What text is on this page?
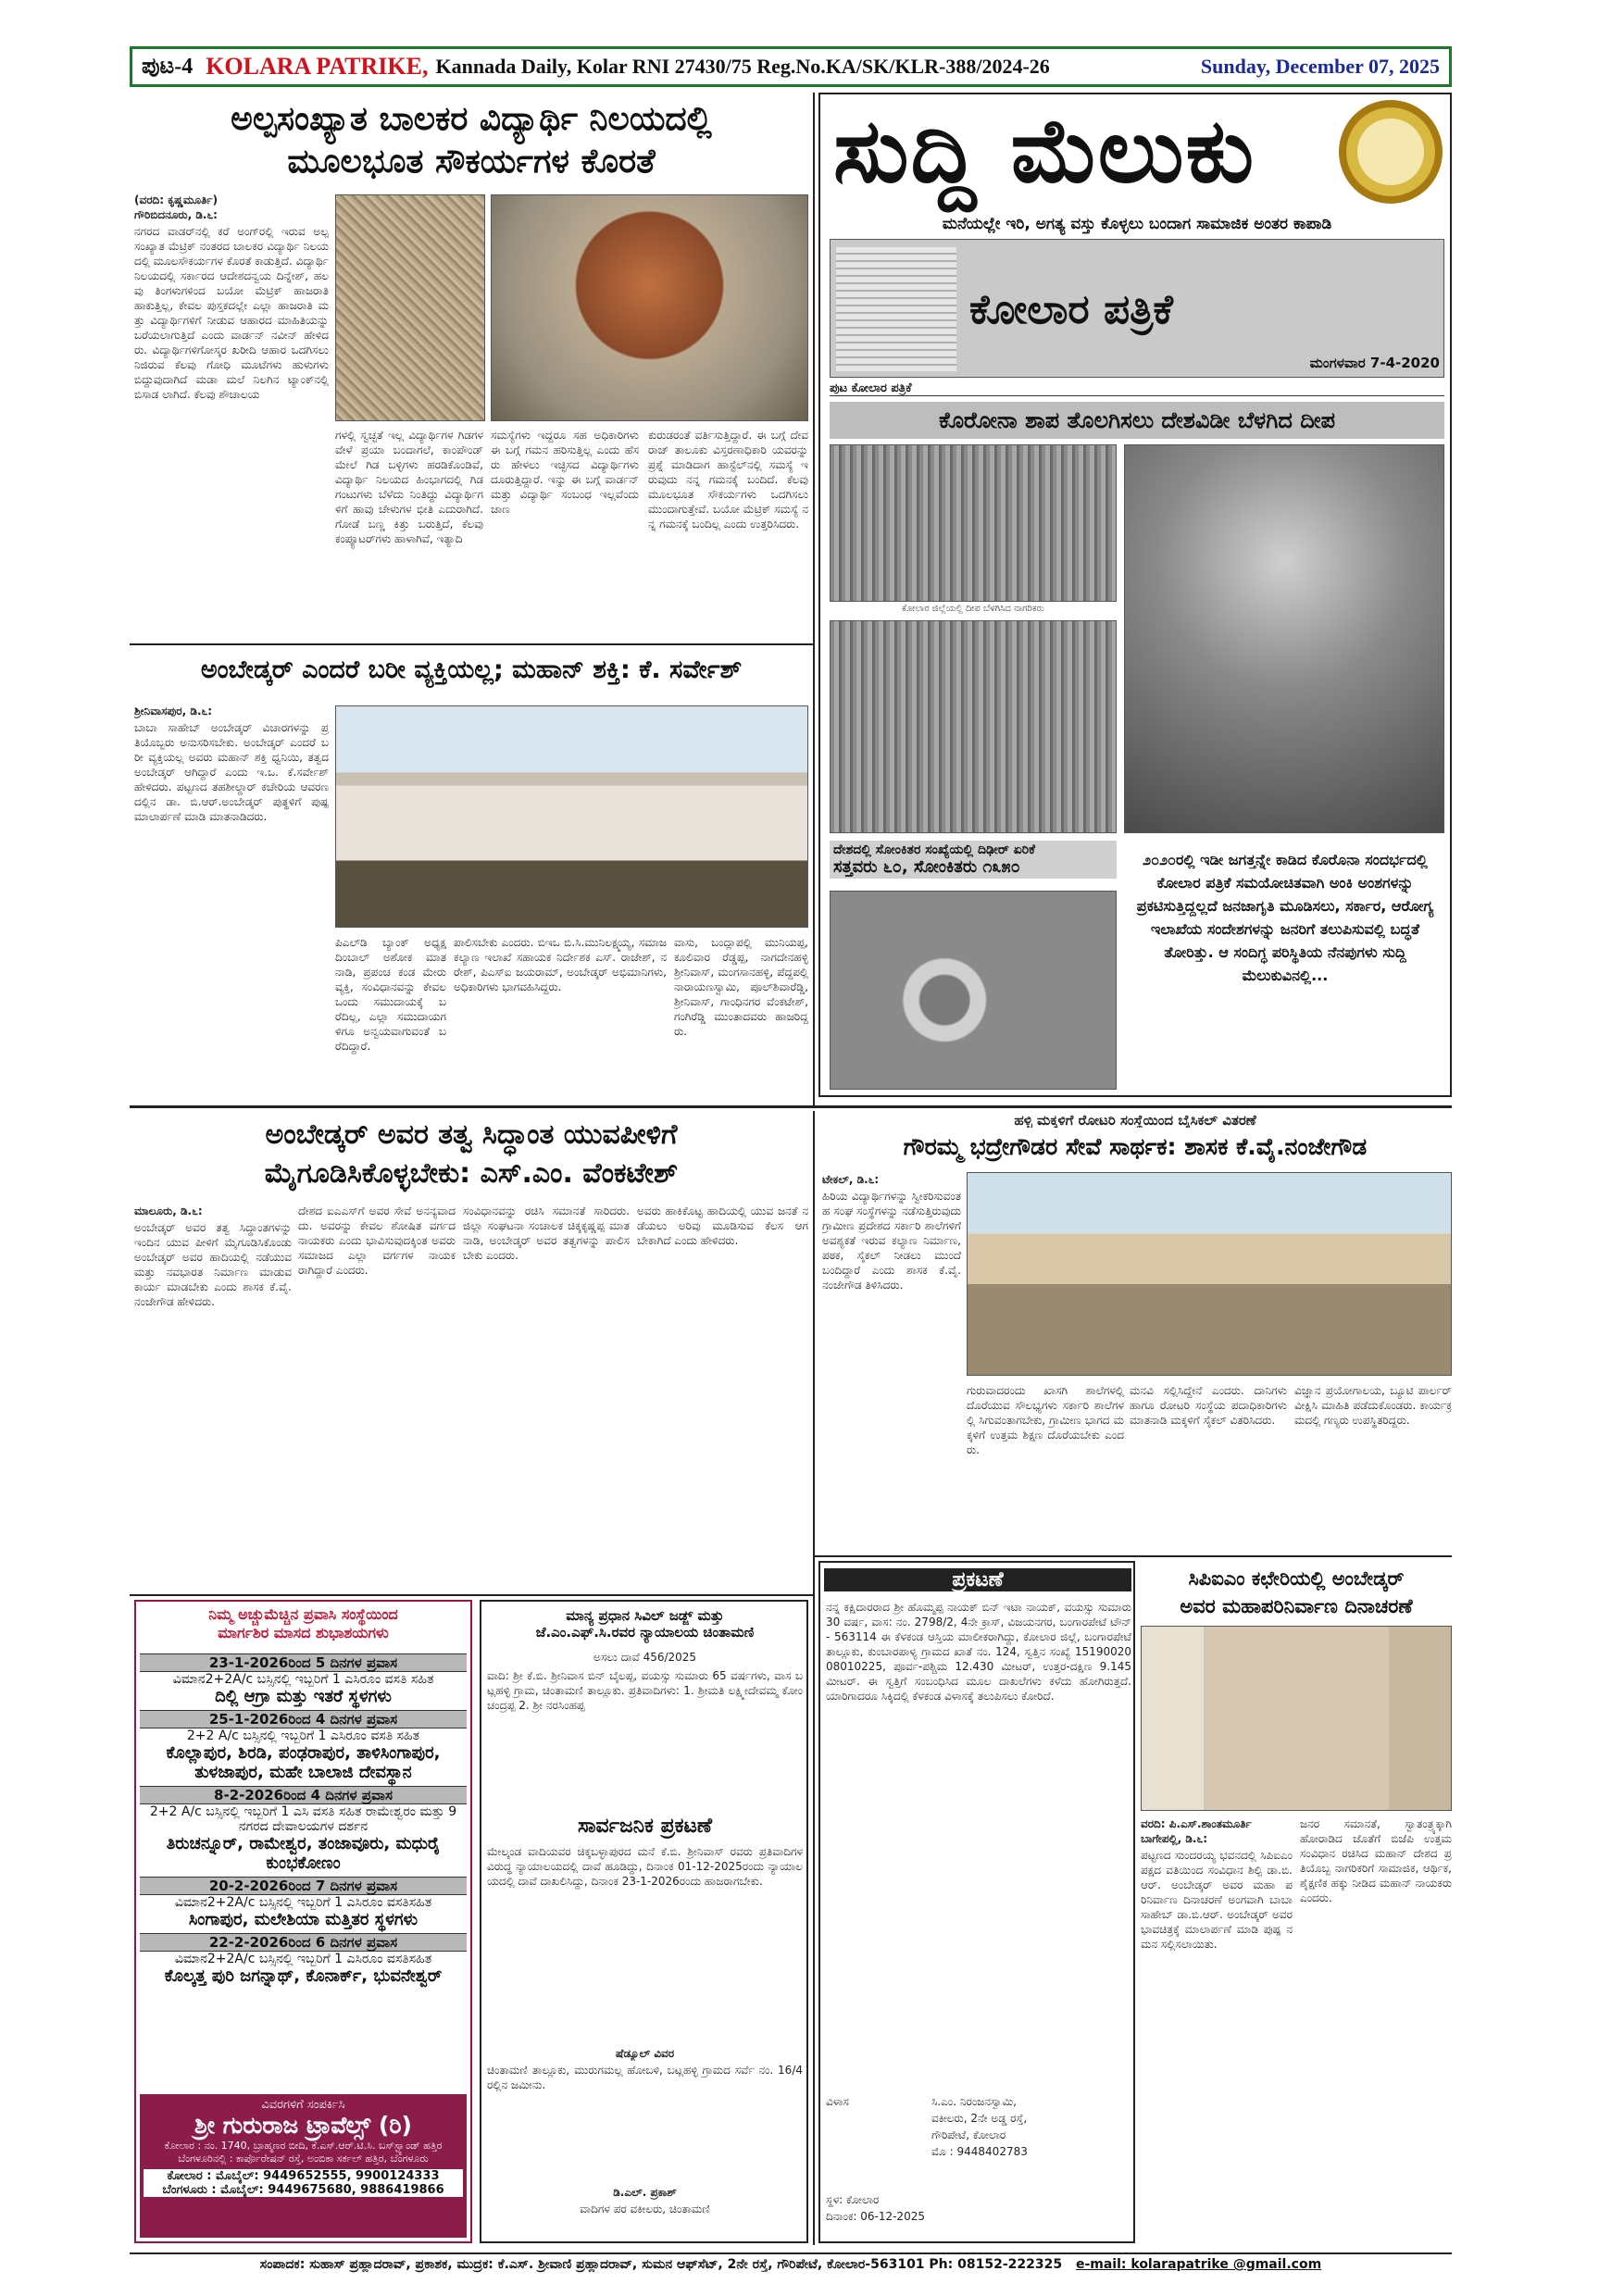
ಪುಟ-4 KOLARA PATRIKE, Kannada Daily, Kolar RNI 27430/75 Reg.No.KA/SK/KLR-388/2024-26	Sunday, December 07, 2025
ಅಲ್ಪಸಂಖ್ಯಾತ ಬಾಲಕರ ವಿದ್ಯಾರ್ಥಿ ನಿಲಯದಲ್ಲಿ
ಮೂಲಭೂತ ಸೌಕರ್ಯಗಳ ಕೊರತೆ
(ವರದಿ: ಕೃಷ್ಣಮೂರ್ತಿ)
ಗೌರಿಬಿದನೂರು, ಡಿ.೬:
ನಗರದ ವಾಡರ್‌ನಲ್ಲಿ ಕರೆ ಅಂಗ್‌ರಲ್ಲಿ ಇರುವ ಅಲ್ಪಸಂಖ್ಯಾತ ಮೆಟ್ರಿಕ್ ನಂತರದ ಬಾಲಕರ ವಿದ್ಯಾರ್ಥಿ ನಿಲಯದಲ್ಲಿ ಮೂಲಸೌಕರ್ಯಗಳ ಕೊರತೆ ಕಾಡುತ್ತಿದೆ. ವಿದ್ಯಾರ್ಥಿ ನಿಲಯದಲ್ಲಿ ಸರ್ಕಾರದ ಆದೇಶದನ್ವಯ ದಿನ್ನೇಶ್, ಹಲವು ತಿಂಗಳುಗಳಿಂದ ಬಯೋ ಮೆಟ್ರಿಕ್ ಹಾಜರಾತಿ ಹಾಕುತ್ತಿಲ್ಲ, ಕೇವಲ ಪುಸ್ತಕದಲ್ಲೇ ಎಲ್ಲಾ ಹಾಜರಾತಿ ಮತ್ತು ವಿದ್ಯಾರ್ಥಿಗಳಿಗೆ ನೀಡುವ ಆಹಾರದ ಮಾಹಿತಿಯನ್ನು ಬರೆಯಲಾಗುತ್ತಿದೆ ಎಂದು ವಾರ್ಡನ್ ನವೀನ್ ಹೇಳಿದರು. ವಿದ್ಯಾರ್ಥಿಗಳಿಗೋಸ್ಕರ ಖರೀದಿ ಆಹಾರ ಒದಗಿಸಲು ನಿಜಿರುವ ಕೆಲವು ಗೋಧಿ ಮೂಟೆಗಳು ಹುಳುಗಳು ಬಿದ್ದುವುದಾಗಿದೆ ಮಡಾ ಮಲೆ ನಿಲಗಿನ ಟ್ಯಾಂಕ್‌ನಲ್ಲಿ ಬಿಸಾಡ ಲಾಗಿದೆ. ಕೆಲವು ಶೌಚಾಲಯ
ಗಳಲ್ಲಿ ಸ್ವಚ್ಛತೆ ಇಲ್ಲ ವಿದ್ಯಾರ್ಥಿಗಳ ಗಿಡಗಳ ವೇಳೆ ಪ್ರಯಾ ಬಂದಾಗಲೆ, ಕಾಂಪೌಂಡ್ ಮೇಲೆ ಗಿಡ ಬಳ್ಳಿಗಳು ಹರಡಿಕೊಂಡಿವೆ, ವಿದ್ಯಾರ್ಥಿ ನಿಲಯದ ಹಿಂಭಾಗದಲ್ಲಿ ಗಿಡ ಗಂಟುಗಳು ಬೆಳೆದು ನಿಂತಿದ್ದು ವಿದ್ಯಾರ್ಥಿಗಳಿಗೆ ಹಾವು ಚೇಳುಗಳ ಭೀತಿ ಎದುರಾಗಿದೆ. ಗೋಡೆ ಬಣ್ಣ ಕಿತ್ತು ಬರುತ್ತಿದೆ, ಕೆಲವು ಕಂಪ್ಯೂಟರ್‌ಗಳು ಹಾಳಾಗಿವೆ, ಇತ್ಯಾದಿ
ಸಮಸ್ಯೆಗಳು ಇದ್ದರೂ ಸಹ ಅಧಿಕಾರಿಗಳು ಈ ಬಗ್ಗೆ ಗಮನ ಹರಿಸುತ್ತಿಲ್ಲ ಎಂದು ಹೆಸರು ಹೇಳಲು ಇಚ್ಛಿಸದ ವಿದ್ಯಾರ್ಥಿಗಳು ದೂರುತ್ತಿದ್ದಾರೆ. ಇನ್ನು ಈ ಬಗ್ಗೆ ವಾರ್ಡನ್ ಮತ್ತು ವಿದ್ಯಾರ್ಥಿ ಸಂಬಂಧ ಇಲ್ಲವೆಂದು ಜಾಣ
ಕುರುಡರಂತೆ ವರ್ತಿಸುತ್ತಿದ್ದಾರೆ. ಈ ಬಗ್ಗೆ ದೇವರಾಜ್ ತಾಲೂಕು ವಿಸ್ತರಣಾಧಿಕಾರಿ ಯವರನ್ನು ಪ್ರಶ್ನೆ ಮಾಡಿದಾಗ ಹಾಸ್ಟೆಲ್‌ನಲ್ಲಿ ಸಮಸ್ಯೆ ಇರುವುದು ನನ್ನ ಗಮನಕ್ಕೆ ಬಂದಿದೆ. ಕೆಲವು ಮೂಲಭೂತ ಸೌಕರ್ಯಗಳು ಒದಗಿಸಲು ಮುಂದಾಗುತ್ತೇವೆ. ಬಯೋ ಮೆಟ್ರಿಕ್ ಸಮಸ್ಯೆ ನನ್ನ ಗಮನಕ್ಕೆ ಬಂದಿಲ್ಲ ಎಂದು ಉತ್ತರಿಸಿದರು.
ಅಂಬೇಡ್ಕರ್ ಎಂದರೆ ಬರೀ ವ್ಯಕ್ತಿಯಲ್ಲ; ಮಹಾನ್ ಶಕ್ತಿ: ಕೆ. ಸರ್ವೇಶ್
ಶ್ರೀನಿವಾಸಪುರ, ಡಿ.೬:
ಬಾಬಾ ಸಾಹೇಬ್ ಅಂಬೇಡ್ಕರ್ ವಿಚಾರಗಳನ್ನು ಪ್ರತಿಯೊಬ್ಬರು ಅನುಸರಿಸಬೇಕು. ಅಂಬೇಡ್ಕರ್ ಎಂದರೆ ಬರೀ ವ್ಯಕ್ತಿಯಲ್ಲ ಅವರು ಮಹಾನ್ ಶಕ್ತಿ ಧ್ವನಿಯಿ, ತತ್ವದ ಅಂಬೇಡ್ಕರ್ ಆಗಿದ್ದಾರೆ ಎಂದು ಇ.ಒ. ಕೆ.ಸರ್ವೇಶ್ ಹೇಳಿದರು. ಪಟ್ಟಣದ ತಹಶೀಲ್ದಾರ್ ಕಚೇರಿಯ ಆವರಣದಲ್ಲಿನ ಡಾ. ಬಿ.ಆರ್.ಅಂಬೇಡ್ಕರ್ ಪುತ್ಥಳಿಗೆ ಪುಷ್ಪ ಮಾಲಾರ್ಪಣೆ ಮಾಡಿ ಮಾತನಾಡಿದರು.
ಪಿಎಲ್‌ಡಿ ಬ್ಯಾಂಕ್ ಅಧ್ಯಕ್ಷ ದಿಂಬಾಲ್ ಅಶೋಕ ಮಾತನಾಡಿ, ಪ್ರಪಂಚ ಕಂಡ ಮೇರು ವ್ಯಕ್ತಿ, ಸಂವಿಧಾನವನ್ನು ಕೇವಲ ಒಂದು ಸಮುದಾಯಕ್ಕೆ ಬರೆದಿಲ್ಲ, ಎಲ್ಲಾ ಸಮುದಾಯಗಳಿಗೂ ಅನ್ವಯವಾಗುವಂತೆ ಬರೆದಿದ್ದಾರೆ.
ಪಾಲಿಸಬೇಕು ಎಂದರು. ಬಿಇಒ ಬಿ.ಸಿ.ಮುನಿಲಕ್ಷ್ಮಯ್ಯ, ಸಮಾಜ ಕಲ್ಯಾಣ ಇಲಾಖೆ ಸಹಾಯಕ ನಿರ್ದೇಶಕ ಎಸ್. ರಾಜೇಶ್, ನರೇಶ್, ಪಿಎಸ್‌ಐ ಜಯರಾಮ್, ಅಂಬೇಡ್ಕರ್ ಅಭಿಮಾನಿಗಳು, ಅಧಿಕಾರಿಗಳು ಭಾಗವಹಿಸಿದ್ದರು.
ವಾಸು, ಬಂದ್ಲಾಪಲ್ಲಿ ಮುನಿಯಪ್ಪ, ಕೂಲಿವಾರ ರೆಡ್ಡಪ್ಪ, ನಾಗದೇನಹಳ್ಳಿ ಶ್ರೀನಿವಾಸ್, ಮಂಗಸಾನಹಳ್ಳಿ, ಪೆದ್ದಪಲ್ಲಿ ನಾರಾಯಣಸ್ವಾಮಿ, ಪೂಲ್‌ಶಿವಾರೆಡ್ಡಿ, ಶ್ರೀನಿವಾಸ್, ಗಾಂಧಿನಗರ ವೆಂಕಟೇಶ್, ಗಂಗಿರೆಡ್ಡಿ ಮುಂತಾದವರು ಹಾಜರಿದ್ದರು.
ಸುದ್ದಿ ಮೆಲುಕು
ಮನೆಯಲ್ಲೇ ಇರಿ, ಅಗತ್ಯ ವಸ್ತು ಕೊಳ್ಳಲು ಬಂದಾಗ ಸಾಮಾಜಿಕ ಅಂತರ ಕಾಪಾಡಿ
ಕೋಲಾರ ಪತ್ರಿಕೆ
ಮಂಗಳವಾರ 7-4-2020
ಪುಟ ಕೋಲಾರ ಪತ್ರಿಕೆ
ಕೊರೋನಾ ಶಾಪ ತೊಲಗಿಸಲು ದೇಶವಿಡೀ ಬೆಳಗಿದ ದೀಪ
ಕೋಲಾರ ಜಿಲ್ಲೆಯಲ್ಲಿ ದೀಪ ಬೆಳಗಿಸಿದ ನಾಗರಿಕರು
ದೇಶದಲ್ಲಿ ಸೋಂಕಿತರ ಸಂಖ್ಯೆಯಲ್ಲಿ ದಿಢೀರ್ ಏರಿಕೆ
ಸತ್ತವರು ೬೦, ಸೋಂಕಿತರು ೧೩೫೦	೨೦೨೦ರಲ್ಲಿ ಇಡೀ ಜಗತ್ತನ್ನೇ ಕಾಡಿದ ಕೊರೊನಾ ಸಂದರ್ಭದಲ್ಲಿ ಕೋಲಾರ ಪತ್ರಿಕೆ ಸಮಯೋಚಿತವಾಗಿ ಅಂಕಿ ಅಂಶಗಳನ್ನು ಪ್ರಕಟಿಸುತ್ತಿದ್ದಲ್ಲದೆ ಜನಜಾಗೃತಿ ಮೂಡಿಸಲು, ಸರ್ಕಾರ, ಆರೋಗ್ಯ ಇಲಾಖೆಯ ಸಂದೇಶಗಳನ್ನು ಜನರಿಗೆ ತಲುಪಿಸುವಲ್ಲಿ ಬದ್ಧತೆ ತೋರಿತ್ತು. ಆ ಸಂದಿಗ್ಧ ಪರಿಸ್ಥಿತಿಯ ನೆನಪುಗಳು ಸುದ್ದಿ ಮೆಲುಕುವಿನಲ್ಲಿ...
ಅಂಬೇಡ್ಕರ್ ಅವರ ತತ್ವ ಸಿದ್ಧಾಂತ ಯುವಪೀಳಿಗೆ
ಮೈಗೂಡಿಸಿಕೊಳ್ಳಬೇಕು: ಎಸ್.ಎಂ. ವೆಂಕಟೇಶ್
ಮಾಲೂರು, ಡಿ.೬:
ಅಂಬೇಡ್ಕರ್ ಅವರ ತತ್ವ ಸಿದ್ಧಾಂತಗಳನ್ನು ಇಂದಿನ ಯುವ ಪೀಳಿಗೆ ಮೈಗೂಡಿಸಿಕೊಂಡು ಅಂಬೇಡ್ಕರ್ ಅವರ ಹಾದಿಯಲ್ಲಿ ನಡೆಯುವ ಮತ್ತು ನವಭಾರತ ನಿರ್ಮಾಣ ಮಾಡುವ ಕಾರ್ಯ ಮಾಡಬೇಕು ಎಂದು ಶಾಸಕ ಕೆ.ವೈ.ನಂಜೇಗೌಡ ಹೇಳಿದರು.
ದೇಶದ ಐಎಎಸ್‌ಗೆ ಅವರ ಸೇವೆ ಅನನ್ಯವಾದದು. ಅವರನ್ನು ಕೇವಲ ಶೋಷಿತ ವರ್ಗದ ನಾಯಕರು ಎಂದು ಭಾವಿಸುವುದಕ್ಕಿಂತ ಅವರು ಸಮಾಜದ ಎಲ್ಲಾ ವರ್ಗಗಳ ನಾಯಕರಾಗಿದ್ದಾರೆ ಎಂದರು.
ಸಂವಿಧಾನವನ್ನು ರಚಿಸಿ ಸಮಾನತೆ ಸಾರಿದರು. ಜಿಲ್ಲಾ ಸಂಘಟನಾ ಸಂಚಾಲಕ ಚಿಕ್ಕಕೃಷ್ಣಪ್ಪ ಮಾತನಾಡಿ, ಅಂಬೇಡ್ಕರ್ ಅವರ ತತ್ವಗಳನ್ನು ಪಾಲಿಸಬೇಕು ಎಂದರು.
ಅವರು ಹಾಕಿಕೊಟ್ಟ ಹಾದಿಯಲ್ಲಿ ಯುವ ಜನತೆ ನಡೆಯಲು ಅರಿವು ಮೂಡಿಸುವ ಕೆಲಸ ಆಗಬೇಕಾಗಿದೆ ಎಂದು ಹೇಳಿದರು.
ನಿಮ್ಮ ಅಚ್ಚುಮೆಚ್ಚಿನ ಪ್ರವಾಸಿ ಸಂಸ್ಥೆಯಿಂದ
ಮಾರ್ಗಶಿರ ಮಾಸದ ಶುಭಾಶಯಗಳು
23-1-2026ರಿಂದ 5 ದಿನಗಳ ಪ್ರವಾಸ
ವಿಮಾನ2+2A/c ಬಸ್ಸಿನಲ್ಲಿ ಇಬ್ಬರಿಗೆ 1 ಎಸಿರೂಂ ವಸತಿ ಸಹಿತ
ದಿಲ್ಲಿ ಆಗ್ರಾ ಮತ್ತು ಇತರೆ ಸ್ಥಳಗಳು
25-1-2026ರಿಂದ 4 ದಿನಗಳ ಪ್ರವಾಸ
2+2 A/c ಬಸ್ಸಿನಲ್ಲಿ ಇಬ್ಬರಿಗೆ 1 ಎಸಿರೂಂ ವಸತಿ ಸಹಿತ
ಕೊಲ್ಲಾಪುರ, ಶಿರಡಿ, ಪಂಢರಾಪುರ, ತಾಳಿಸಿಂಗಾಪುರ, ತುಳಜಾಪುರ, ಮಹೇ ಬಾಲಾಜಿ ದೇವಸ್ಥಾನ
8-2-2026ರಿಂದ 4 ದಿನಗಳ ಪ್ರವಾಸ
2+2 A/c ಬಸ್ಸಿನಲ್ಲಿ ಇಬ್ಬರಿಗೆ 1 ಎಸಿ ವಸತಿ ಸಹಿತ ರಾಮೇಶ್ವರಂ ಮತ್ತು 9 ನಗರದ ದೇವಾಲಯಗಳ ದರ್ಶನ
ತಿರುಚನ್ನೂರ್, ರಾಮೇಶ್ವರ, ತಂಜಾವೂರು, ಮಧುರೈ ಕುಂಭಕೋಣಂ
20-2-2026ರಿಂದ 7 ದಿನಗಳ ಪ್ರವಾಸ
ವಿಮಾನ2+2A/c ಬಸ್ಸಿನಲ್ಲಿ ಇಬ್ಬರಿಗೆ 1 ಎಸಿರೂಂ ವಸತಿಸಹಿತ
ಸಿಂಗಾಪುರ, ಮಲೇಶಿಯಾ ಮತ್ತಿತರ ಸ್ಥಳಗಳು
22-2-2026ರಿಂದ 6 ದಿನಗಳ ಪ್ರವಾಸ
ವಿಮಾನ2+2A/c ಬಸ್ಸಿನಲ್ಲಿ ಇಬ್ಬರಿಗೆ 1 ಎಸಿರೂಂ ವಸತಿಸಹಿತ
ಕೊಲ್ಕತ್ತ ಪುರಿ ಜಗನ್ನಾಥ್, ಕೊನಾರ್ಕ್, ಭುವನೇಶ್ವರ್
ವಿವರಗಳಿಗೆ ಸಂಪರ್ಕಿಸಿ
ಶ್ರೀ ಗುರುರಾಜ ಟ್ರಾವೆಲ್ಸ್ (ರಿ)
ಕೋಲಾರ : ನಂ. 1740, ಬ್ರಾಹ್ಮಣರ ಬೀದಿ, ಕೆ.ಎಸ್.ಆರ್.ಟಿ.ಸಿ. ಬಸ್‌ಸ್ಟ್ಯಾಂಡ್ ಹತ್ತಿರ
ಬೆಂಗಳೂರಿನಲ್ಲಿ : ಕಾರ್ಪೊರೇಷನ್ ರಸ್ತೆ, ಅಂಬಿಕಾ ಸರ್ಕಲ್ ಹತ್ತಿರ, ಬೆಂಗಳೂರು
ಕೋಲಾರ : ಮೊಬೈಲ್: 9449652555, 9900124333
ಬೆಂಗಳೂರು : ಮೊಬೈಲ್: 9449675680, 9886419866
ಮಾನ್ಯ ಪ್ರಧಾನ ಸಿವಿಲ್ ಜಡ್ಜ್ ಮತ್ತು
ಜೆ.ಎಂ.ಎಫ್.ಸಿ.ರವರ ನ್ಯಾಯಾಲಯ ಚಿಂತಾಮಣಿ
ಅಸಲು ದಾವೆ 456/2025
ವಾದಿ: ಶ್ರೀ ಕೆ.ಬಿ. ಶ್ರೀನಿವಾಸ ಬಿನ್ ಬೈಲಪ್ಪ, ವಯಸ್ಸು ಸುಮಾರು 65 ವರ್ಷಗಳು, ವಾಸ ಬಟ್ಲಹಳ್ಳಿ ಗ್ರಾಮ, ಚಿಂತಾಮಣಿ ತಾಲ್ಲೂಕು. ಪ್ರತಿವಾದಿಗಳು: 1. ಶ್ರೀಮತಿ ಲಕ್ಷ್ಮೀದೇವಮ್ಮ ಕೋಂ ಚಂದ್ರಪ್ಪ 2. ಶ್ರೀ ನರಸಿಂಹಪ್ಪ
ಸಾರ್ವಜನಿಕ ಪ್ರಕಟಣೆ
ಮೇಲ್ಕಂಡ ವಾದಿಯವರ ಚಿಕ್ಕಬಳ್ಳಾಪುರದ ಮನೆ ಕೆ.ಬಿ. ಶ್ರೀನಿವಾಸ್ ರವರು ಪ್ರತಿವಾದಿಗಳ ವಿರುದ್ಧ ನ್ಯಾಯಾಲಯದಲ್ಲಿ ದಾವೆ ಹೂಡಿದ್ದು, ದಿನಾಂಕ 01-12-2025ರಂದು ನ್ಯಾಯಾಲಯದಲ್ಲಿ ದಾವೆ ದಾಖಲಿಸಿದ್ದು, ದಿನಾಂಕ 23-1-2026ರಂದು ಹಾಜರಾಗಬೇಕು.
ಷೆಡ್ಯೂಲ್ ವಿವರ
ಚಿಂತಾಮಣಿ ತಾಲ್ಲೂಕು, ಮುರುಗಮಲ್ಲ ಹೋಬಳಿ, ಬಟ್ಲಹಳ್ಳಿ ಗ್ರಾಮದ ಸರ್ವೆ ನಂ. 16/4 ರಲ್ಲಿನ ಜಮೀನು.
ಡಿ.ಎಲ್. ಪ್ರಕಾಶ್
ವಾದಿಗಳ ಪರ ವಕೀಲರು, ಚಿಂತಾಮಣಿ
ಹಳ್ಳಿ ಮಕ್ಕಳಿಗೆ ರೋಟರಿ ಸಂಸ್ಥೆಯಿಂದ ಬೈಸಿಕಲ್ ವಿತರಣೆ
ಗೌರಮ್ಮ ಭದ್ರೇಗೌಡರ ಸೇವೆ ಸಾರ್ಥಕ: ಶಾಸಕ ಕೆ.ವೈ.ನಂಜೇಗೌಡ
ಟೇಕಲ್, ಡಿ.೬:
ಹಿರಿಯ ವಿದ್ಯಾರ್ಥಿಗಳನ್ನು ಸ್ವೀಕರಿಸುವಂತಹ ಸಂಘ ಸಂಸ್ಥೆಗಳನ್ನು ನಡೆಸುತ್ತಿರುವುದು ಗ್ರಾಮೀಣ ಪ್ರದೇಶದ ಸರ್ಕಾರಿ ಶಾಲೆಗಳಿಗೆ ಅವಶ್ಯಕತೆ ಇರುವ ಕಲ್ಯಾಣ ನಿರ್ಮಾಣ, ಪಠಕ, ಸೈಕಲ್ ನೀಡಲು ಮುಂದೆ ಬಂದಿದ್ದಾರೆ ಎಂದು ಶಾಸಕ ಕೆ.ವೈ.ನಂಜೇಗೌಡ ತಿಳಿಸಿದರು.
ಗುರುವಾದರಂದು ಖಾಸಗಿ ಶಾಲೆಗಳಲ್ಲಿ ದೊರೆಯುವ ಸೌಲಭ್ಯಗಳು ಸರ್ಕಾರಿ ಶಾಲೆಗಳಲ್ಲಿ ಸಿಗುವಂತಾಗಬೇಕು, ಗ್ರಾಮೀಣ ಭಾಗದ ಮಕ್ಕಳಿಗೆ ಉತ್ತಮ ಶಿಕ್ಷಣ ದೊರೆಯಬೇಕು ಎಂದರು.
ಮನವಿ ಸಲ್ಲಿಸಿದ್ದೇನೆ ಎಂದರು. ದಾನಿಗಳು ಹಾಗೂ ರೋಟರಿ ಸಂಸ್ಥೆಯ ಪದಾಧಿಕಾರಿಗಳು ಮಾತನಾಡಿ ಮಕ್ಕಳಿಗೆ ಸೈಕಲ್ ವಿತರಿಸಿದರು.
ವಿಜ್ಞಾನ ಪ್ರಯೋಗಾಲಯ, ಬ್ಯೂಟಿ ಪಾರ್ಲರ್ ವೀಕ್ಷಿಸಿ ಮಾಹಿತಿ ಪಡೆದುಕೊಂಡರು. ಕಾರ್ಯಕ್ರಮದಲ್ಲಿ ಗಣ್ಯರು ಉಪಸ್ಥಿತರಿದ್ದರು.
ಪ್ರಕಟಣೆ
ನನ್ನ ಕಕ್ಷಿದಾರರಾದ ಶ್ರೀ ಹೊಮ್ಮಪ್ಪ ನಾಯಕ್ ಬಿನ್ ಇಟಾ ನಾಯಕ್, ವಯಸ್ಸು ಸುಮಾರು 30 ವರ್ಷ, ವಾಸ: ನಂ. 2798/2, 4ನೇ ಕ್ರಾಸ್, ವಿಜಯನಗರ, ಬಂಗಾರಪೇಟೆ ಟೌನ್ - 563114 ಈ ಕೆಳಕಂಡ ಆಸ್ತಿಯ ಮಾಲೀಕರಾಗಿದ್ದು, ಕೋಲಾರ ಜಿಲ್ಲೆ, ಬಂಗಾರಪೇಟೆ ತಾಲ್ಲೂಕು, ಕುಂಬಾರಪಾಳ್ಯ ಗ್ರಾಮದ ಖಾತೆ ನಂ. 124, ಸ್ವತ್ತಿನ ಸಂಖ್ಯೆ 1519002008010225, ಪೂರ್ವ-ಪಶ್ಚಿಮ 12.430 ಮೀಟರ್, ಉತ್ತರ-ದಕ್ಷಿಣ 9.145 ಮೀಟರ್. ಈ ಸ್ವತ್ತಿಗೆ ಸಂಬಂಧಿಸಿದ ಮೂಲ ದಾಖಲೆಗಳು ಕಳೆದು ಹೋಗಿರುತ್ತದೆ. ಯಾರಿಗಾದರೂ ಸಿಕ್ಕಿದಲ್ಲಿ ಕೆಳಕಂಡ ವಿಳಾಸಕ್ಕೆ ತಲುಪಿಸಲು ಕೋರಿದೆ.
ವಿಳಾಸ	ಸಿ.ಎಂ. ನಿರಂಜನಸ್ವಾಮಿ,
ವಕೀಲರು, 2ನೇ ಅಡ್ಡ ರಸ್ತೆ,
ಗೌರಿಪೇಟೆ, ಕೋಲಾರ
ಮೊ : 9448402783
ಸ್ಥಳ: ಕೋಲಾರ
ದಿನಾಂಕ: 06-12-2025
ಸಿಪಿಐಎಂ ಕಛೇರಿಯಲ್ಲಿ ಅಂಬೇಡ್ಕರ್
ಅವರ ಮಹಾಪರಿನಿರ್ವಾಣ ದಿನಾಚರಣೆ
ವರದಿ: ಪಿ.ಎಸ್.ಶಾಂತಮೂರ್ತಿ
ಬಾಗೇಪಲ್ಲಿ, ಡಿ.೬:
ಪಟ್ಟಣದ ಸುಂದರಯ್ಯ ಭವನದಲ್ಲಿ ಸಿಪಿಐಎಂ ಪಕ್ಷದ ವತಿಯಿಂದ ಸಂವಿಧಾನ ಶಿಲ್ಪಿ ಡಾ.ಬಿ.ಆರ್. ಅಂಬೇಡ್ಕರ್ ಅವರ ಮಹಾ ಪರಿನಿರ್ವಾಣ ದಿನಾಚರಣೆ ಅಂಗವಾಗಿ ಬಾಬಾ ಸಾಹೇಬ್ ಡಾ.ಬಿ.ಆರ್. ಅಂಬೇಡ್ಕರ್ ಅವರ ಭಾವಚಿತ್ರಕ್ಕೆ ಮಾಲಾರ್ಪಣೆ ಮಾಡಿ ಪುಷ್ಪ ನಮನ ಸಲ್ಲಿಸಲಾಯಿತು.
ಜನರ ಸಮಾನತೆ, ಸ್ವಾತಂತ್ರ್ಯಕ್ಕಾಗಿ ಹೋರಾಡಿದ ಜೊತೆಗೆ ಬಿಜೆಪಿ ಉತ್ತಮ ಸಂವಿಧಾನ ರಚಿಸಿದ ಮಹಾನ್ ದೇಶದ ಪ್ರತಿಯೊಬ್ಬ ನಾಗರಿಕರಿಗೆ ಸಾಮಾಜಿಕ, ಆರ್ಥಿಕ, ಶೈಕ್ಷಣಿಕ ಹಕ್ಕು ನೀಡಿದ ಮಹಾನ್ ನಾಯಕರು ಎಂದರು.
ಸಂಪಾದಕ: ಸುಹಾಸ್ ಪ್ರಹ್ಲಾದರಾವ್, ಪ್ರಕಾಶಕ, ಮುದ್ರಕ: ಕೆ.ಎಸ್. ಶ್ರೀವಾಣಿ ಪ್ರಹ್ಲಾದರಾವ್, ಸುಮನ ಆಫ್‌ಸೆಟ್, 2ನೇ ರಸ್ತೆ, ಗೌರಿಪೇಟೆ, ಕೋಲಾರ-563101 Ph: 08152-222325 e-mail: kolarapatrike @gmail.com
